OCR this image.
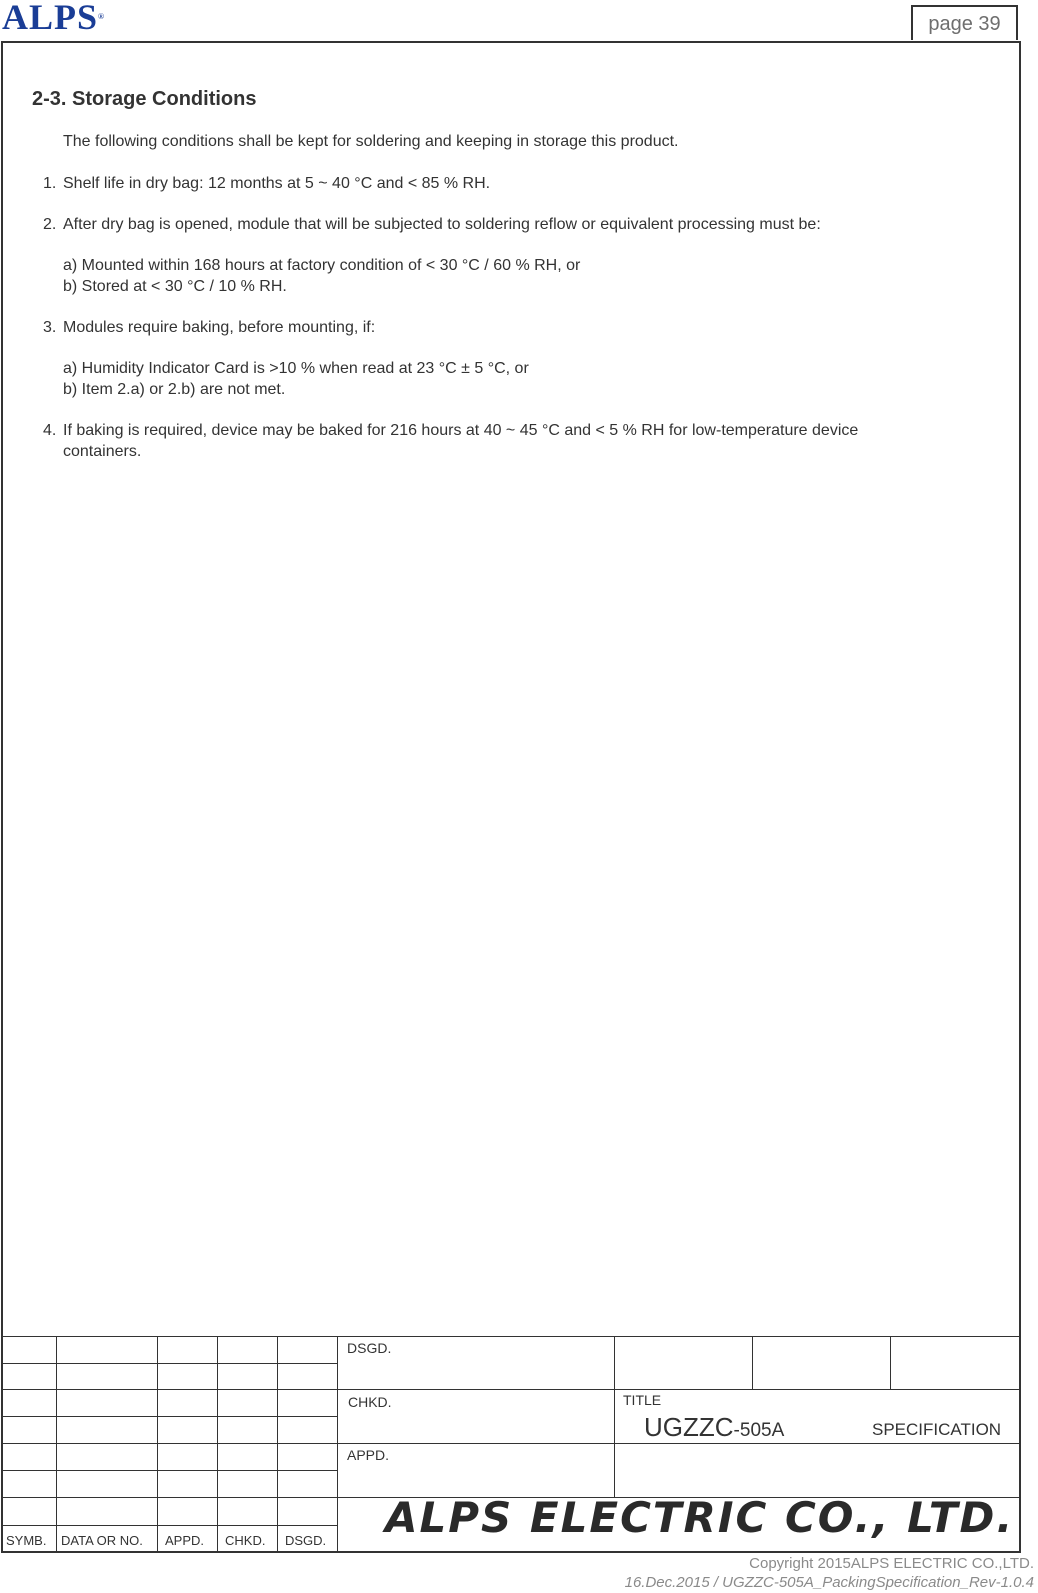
ALPS®	page 39
2-3. Storage Conditions
The following conditions shall be kept for soldering and keeping in storage this product.
1. Shelf life in dry bag: 12 months at 5 ~ 40 °C and < 85 % RH.
2. After dry bag is opened, module that will be subjected to soldering reflow or equivalent processing must be:
a) Mounted within 168 hours at factory condition of < 30 °C / 60 % RH, or
b) Stored at < 30 °C / 10 % RH.
3. Modules require baking, before mounting, if:
a) Humidity Indicator Card is >10 % when read at 23 °C ± 5 °C, or
b) Item 2.a) or 2.b) are not met.
4. If baking is required, device may be baked for 216 hours at 40 ~ 45 °C and < 5 % RH for low-temperature device
containers.
DSGD.
CHKD.
APPD.
TITLE
UGZZC-505A	SPECIFICATION
ALPS ELECTRIC CO., LTD.
SYMB. DATA OR NO. APPD. CHKD. DSGD.
Copyright 2015ALPS ELECTRIC CO.,LTD.
16.Dec.2015 / UGZZC-505A_PackingSpecification_Rev-1.0.4
